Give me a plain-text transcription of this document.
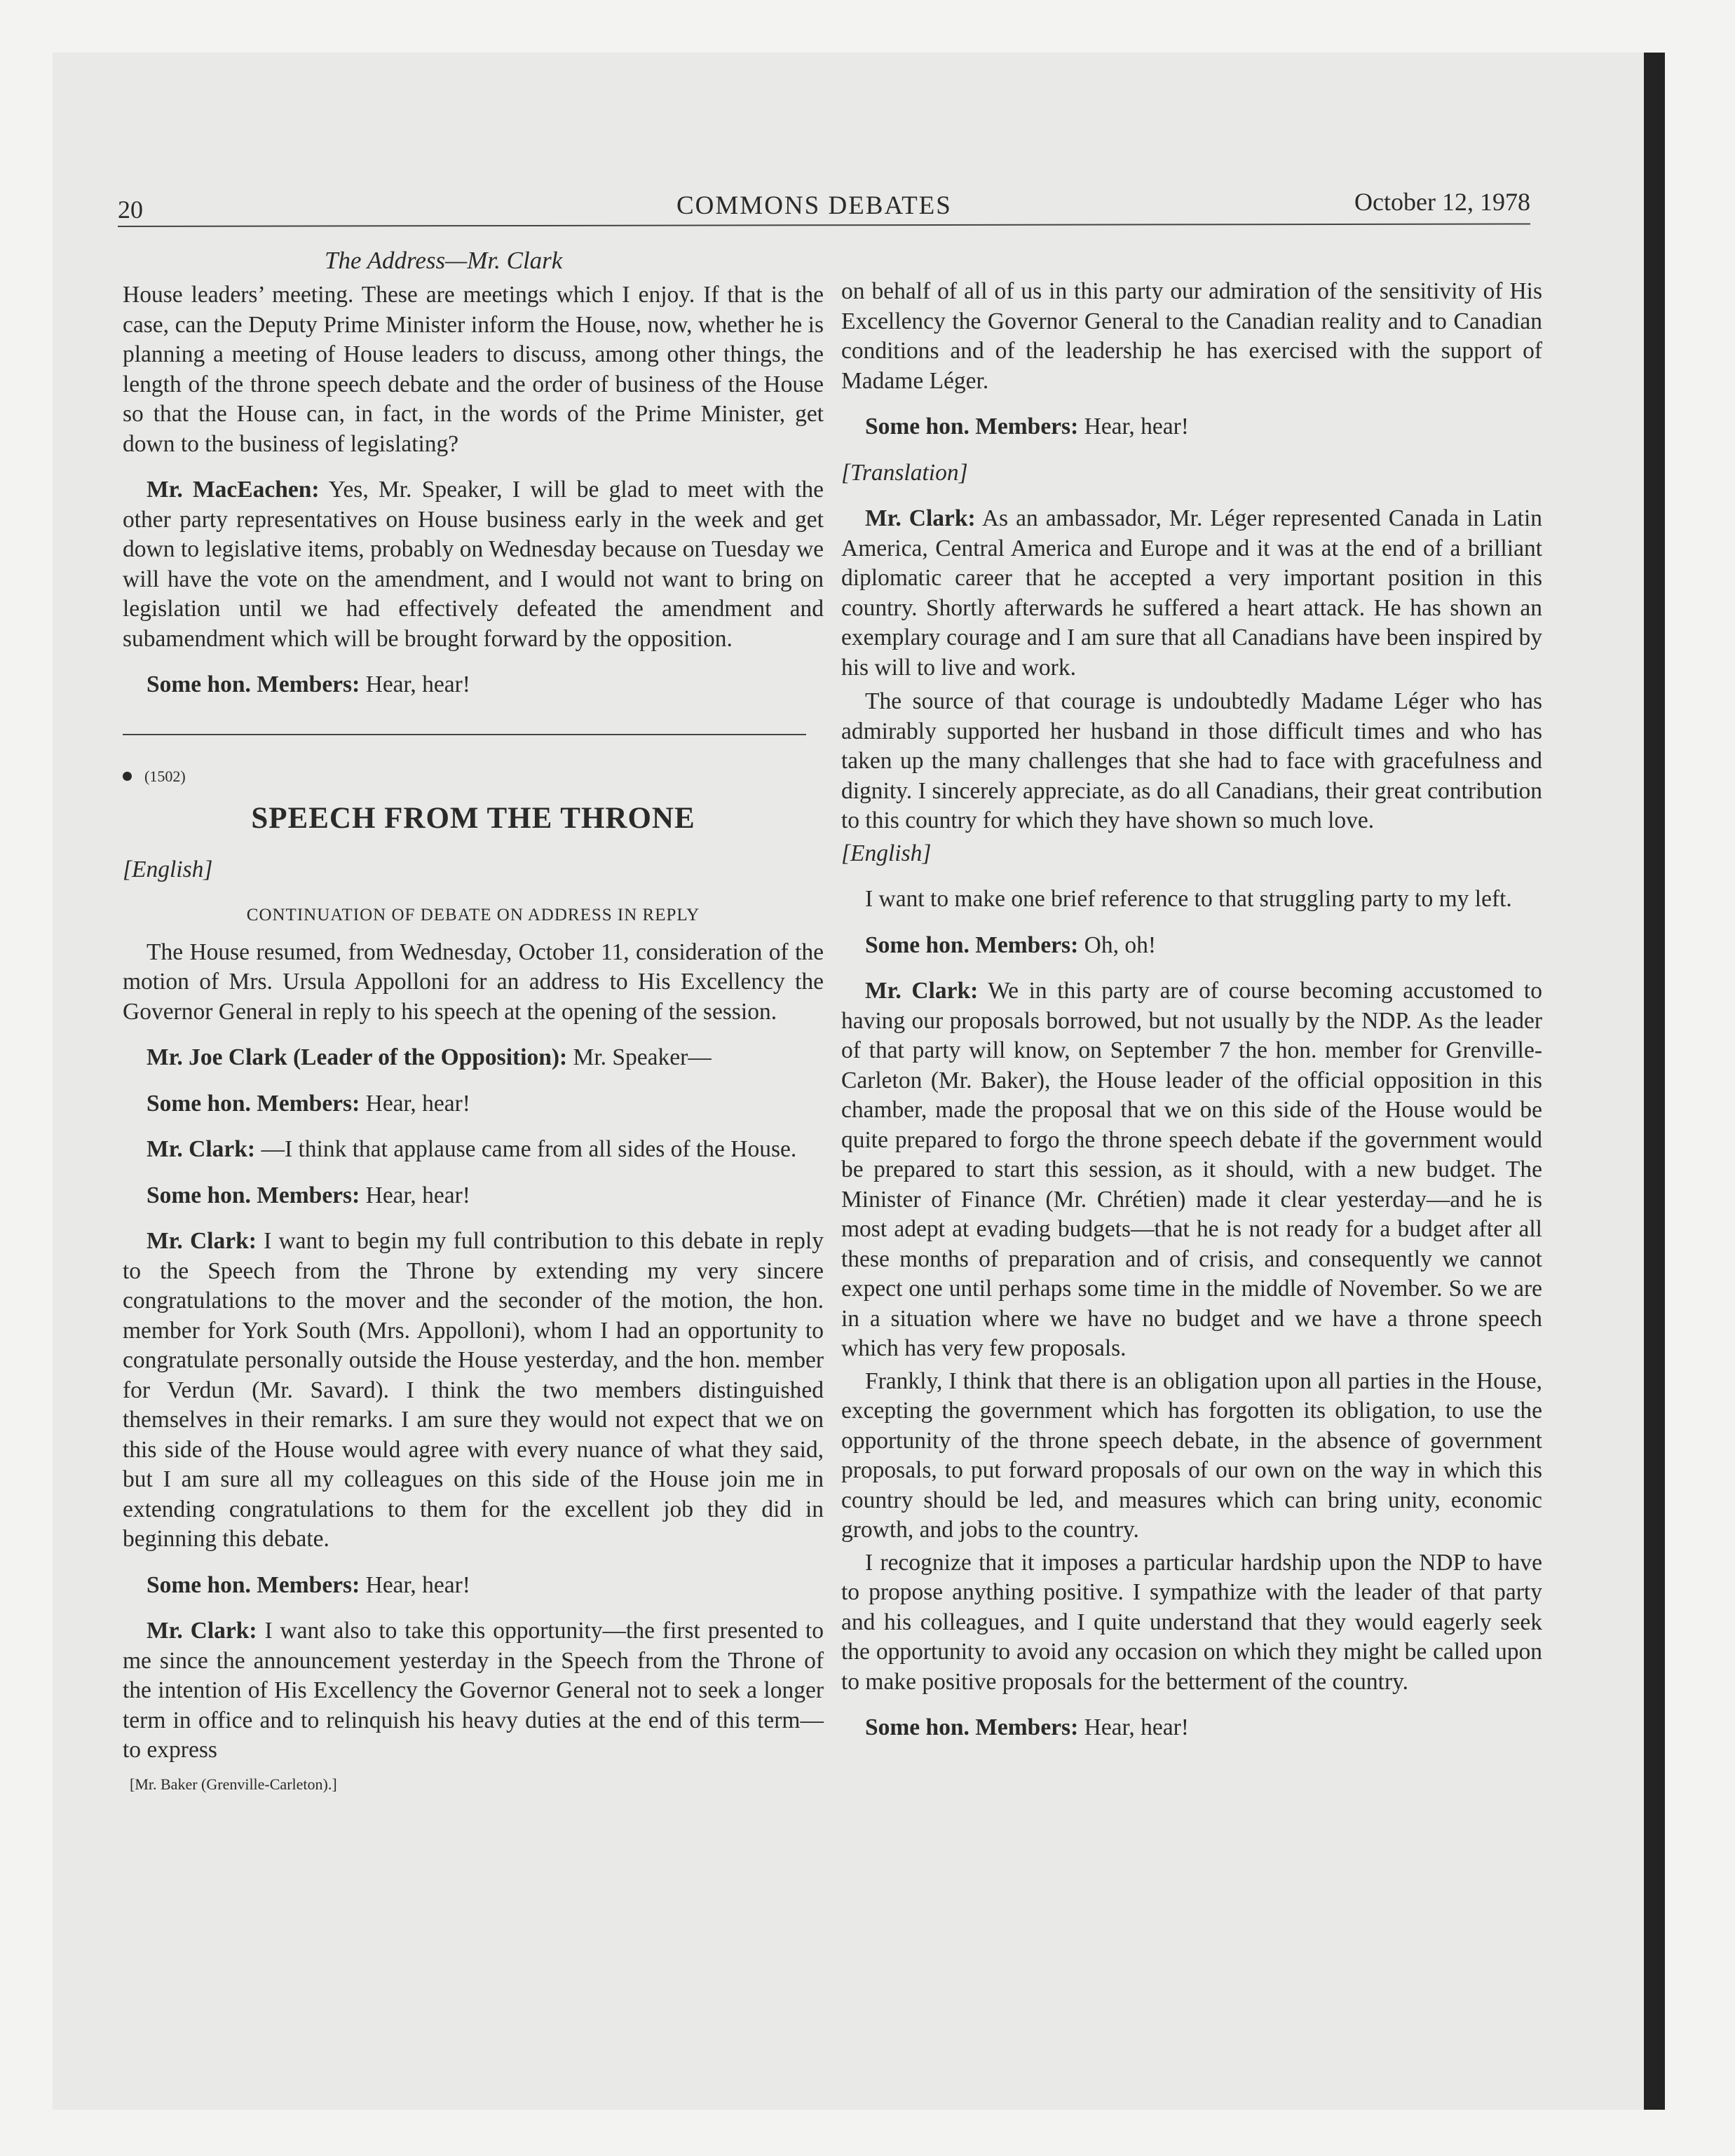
20	COMMONS DEBATES	October 12, 1978
The Address—Mr. Clark

House leaders’ meeting. These are meetings which I enjoy. If that is the case, can the Deputy Prime Minister inform the House, now, whether he is planning a meeting of House leaders to discuss, among other things, the length of the throne speech debate and the order of business of the House so that the House can, in fact, in the words of the Prime Minister, get down to the business of legislating?

Mr. MacEachen: Yes, Mr. Speaker, I will be glad to meet with the other party representatives on House business early in the week and get down to legislative items, probably on Wednesday because on Tuesday we will have the vote on the amendment, and I would not want to bring on legislation until we had effectively defeated the amendment and subamendment which will be brought forward by the opposition.

Some hon. Members: Hear, hear!

(1502)
SPEECH FROM THE THRONE

[English]

CONTINUATION OF DEBATE ON ADDRESS IN REPLY

The House resumed, from Wednesday, October 11, consideration of the motion of Mrs. Ursula Appolloni for an address to His Excellency the Governor General in reply to his speech at the opening of the session.

Mr. Joe Clark (Leader of the Opposition): Mr. Speaker—

Some hon. Members: Hear, hear!

Mr. Clark: —I think that applause came from all sides of the House.

Some hon. Members: Hear, hear!

Mr. Clark: I want to begin my full contribution to this debate in reply to the Speech from the Throne by extending my very sincere congratulations to the mover and the seconder of the motion, the hon. member for York South (Mrs. Appolloni), whom I had an opportunity to congratulate personally outside the House yesterday, and the hon. member for Verdun (Mr. Savard). I think the two members distinguished themselves in their remarks. I am sure they would not expect that we on this side of the House would agree with every nuance of what they said, but I am sure all my colleagues on this side of the House join me in extending congratulations to them for the excellent job they did in beginning this debate.

Some hon. Members: Hear, hear!

Mr. Clark: I want also to take this opportunity—the first presented to me since the announcement yesterday in the Speech from the Throne of the intention of His Excellency the Governor General not to seek a longer term in office and to relinquish his heavy duties at the end of this term—to express

[Mr. Baker (Grenville-Carleton).]

on behalf of all of us in this party our admiration of the sensitivity of His Excellency the Governor General to the Canadian reality and to Canadian conditions and of the leadership he has exercised with the support of Madame Léger.

Some hon. Members: Hear, hear!

[Translation]

Mr. Clark: As an ambassador, Mr. Léger represented Canada in Latin America, Central America and Europe and it was at the end of a brilliant diplomatic career that he accepted a very important position in this country. Shortly afterwards he suffered a heart attack. He has shown an exemplary courage and I am sure that all Canadians have been inspired by his will to live and work.

The source of that courage is undoubtedly Madame Léger who has admirably supported her husband in those difficult times and who has taken up the many challenges that she had to face with gracefulness and dignity. I sincerely appreciate, as do all Canadians, their great contribution to this country for which they have shown so much love.

[English]

I want to make one brief reference to that struggling party to my left.

Some hon. Members: Oh, oh!

Mr. Clark: We in this party are of course becoming accustomed to having our proposals borrowed, but not usually by the NDP. As the leader of that party will know, on September 7 the hon. member for Grenville-Carleton (Mr. Baker), the House leader of the official opposition in this chamber, made the proposal that we on this side of the House would be quite prepared to forgo the throne speech debate if the government would be prepared to start this session, as it should, with a new budget. The Minister of Finance (Mr. Chrétien) made it clear yesterday—and he is most adept at evading budgets—that he is not ready for a budget after all these months of preparation and of crisis, and consequently we cannot expect one until perhaps some time in the middle of November. So we are in a situation where we have no budget and we have a throne speech which has very few proposals.

Frankly, I think that there is an obligation upon all parties in the House, excepting the government which has forgotten its obligation, to use the opportunity of the throne speech debate, in the absence of government proposals, to put forward proposals of our own on the way in which this country should be led, and measures which can bring unity, economic growth, and jobs to the country.

I recognize that it imposes a particular hardship upon the NDP to have to propose anything positive. I sympathize with the leader of that party and his colleagues, and I quite understand that they would eagerly seek the opportunity to avoid any occasion on which they might be called upon to make positive proposals for the betterment of the country.

Some hon. Members: Hear, hear!
